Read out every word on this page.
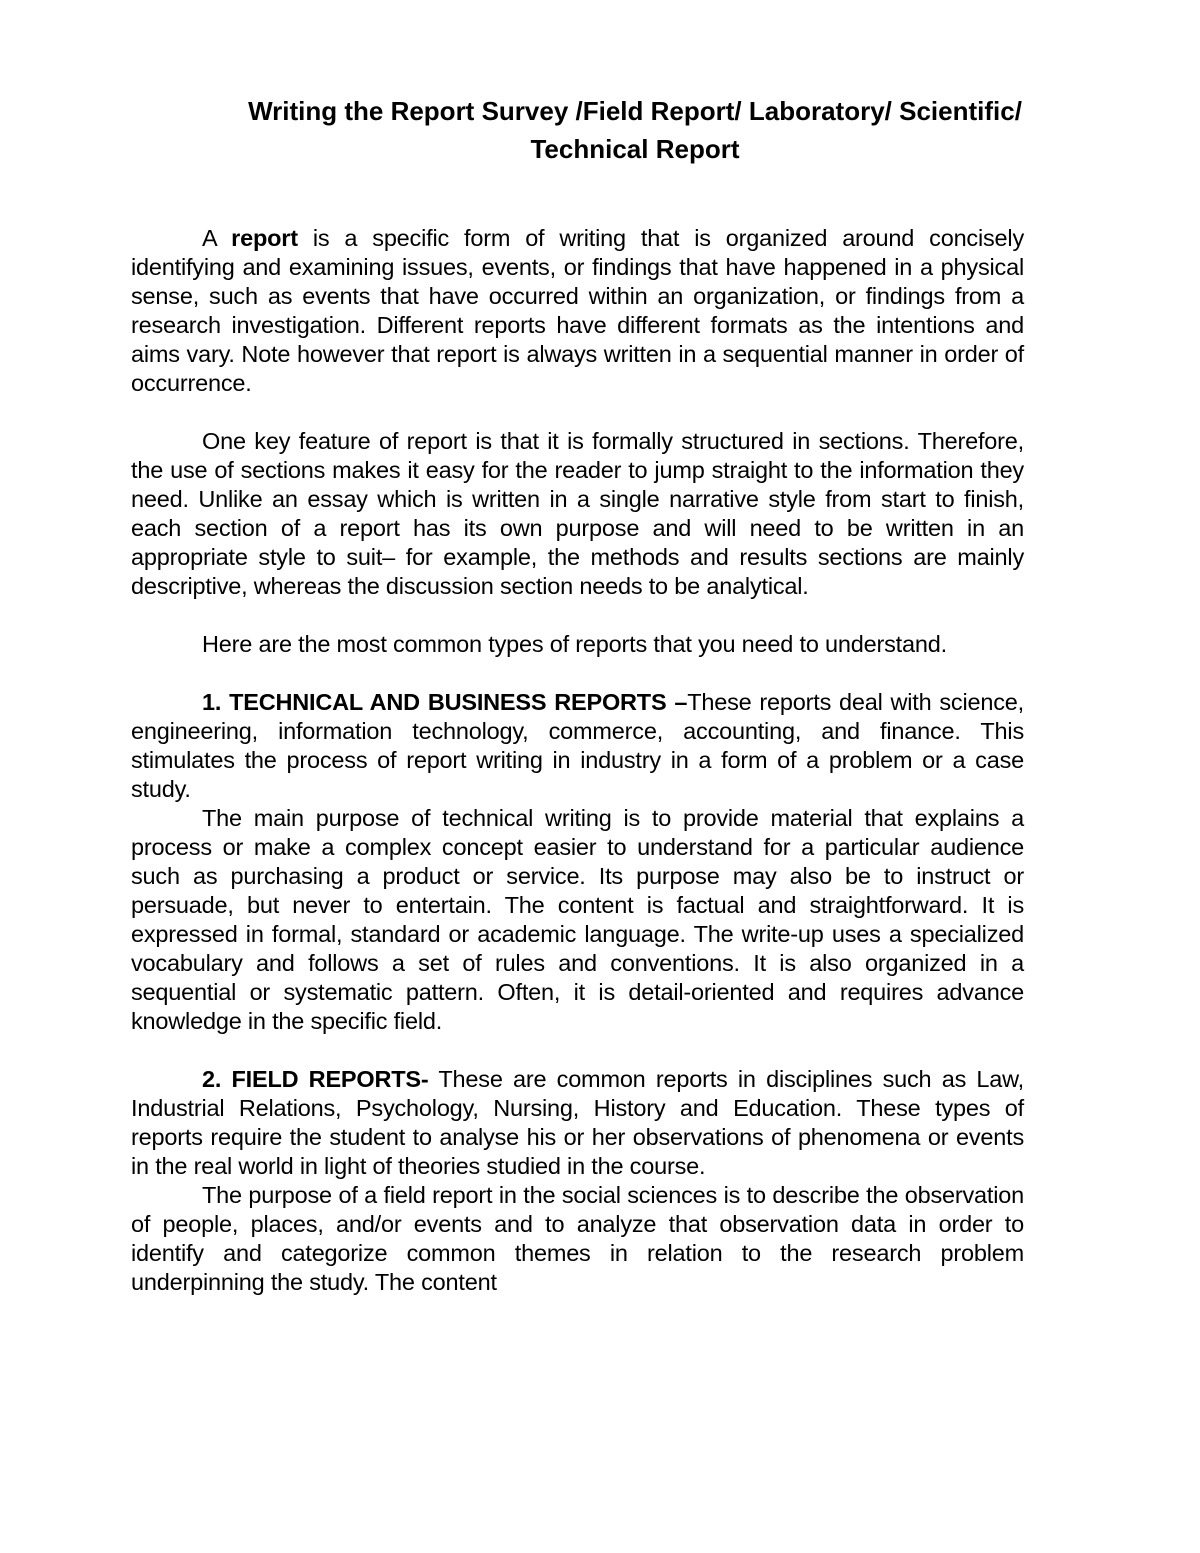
Writing the Report Survey /Field Report/ Laboratory/ Scientific/
Technical Report

A report is a specific form of writing that is organized around concisely identifying and examining issues, events, or findings that have happened in a physical sense, such as events that have occurred within an organization, or findings from a research investigation. Different reports have different formats as the intentions and aims vary. Note however that report is always written in a sequential manner in order of occurrence.

One key feature of report is that it is formally structured in sections. Therefore, the use of sections makes it easy for the reader to jump straight to the information they need. Unlike an essay which is written in a single narrative style from start to finish, each section of a report has its own purpose and will need to be written in an appropriate style to suit– for example, the methods and results sections are mainly descriptive, whereas the discussion section needs to be analytical.

Here are the most common types of reports that you need to understand.

1. TECHNICAL AND BUSINESS REPORTS –These reports deal with science, engineering, information technology, commerce, accounting, and finance. This stimulates the process of report writing in industry in a form of a problem or a case study.

The main purpose of technical writing is to provide material that explains a process or make a complex concept easier to understand for a particular audience such as purchasing a product or service. Its purpose may also be to instruct or persuade, but never to entertain. The content is factual and straightforward. It is expressed in formal, standard or academic language. The write-up uses a specialized vocabulary and follows a set of rules and conventions. It is also organized in a sequential or systematic pattern. Often, it is detail-oriented and requires advance knowledge in the specific field.

2. FIELD REPORTS- These are common reports in disciplines such as Law, Industrial Relations, Psychology, Nursing, History and Education. These types of reports require the student to analyse his or her observations of phenomena or events in the real world in light of theories studied in the course.

The purpose of a field report in the social sciences is to describe the observation of people, places, and/or events and to analyze that observation data in order to identify and categorize common themes in relation to the research problem underpinning the study. The content
